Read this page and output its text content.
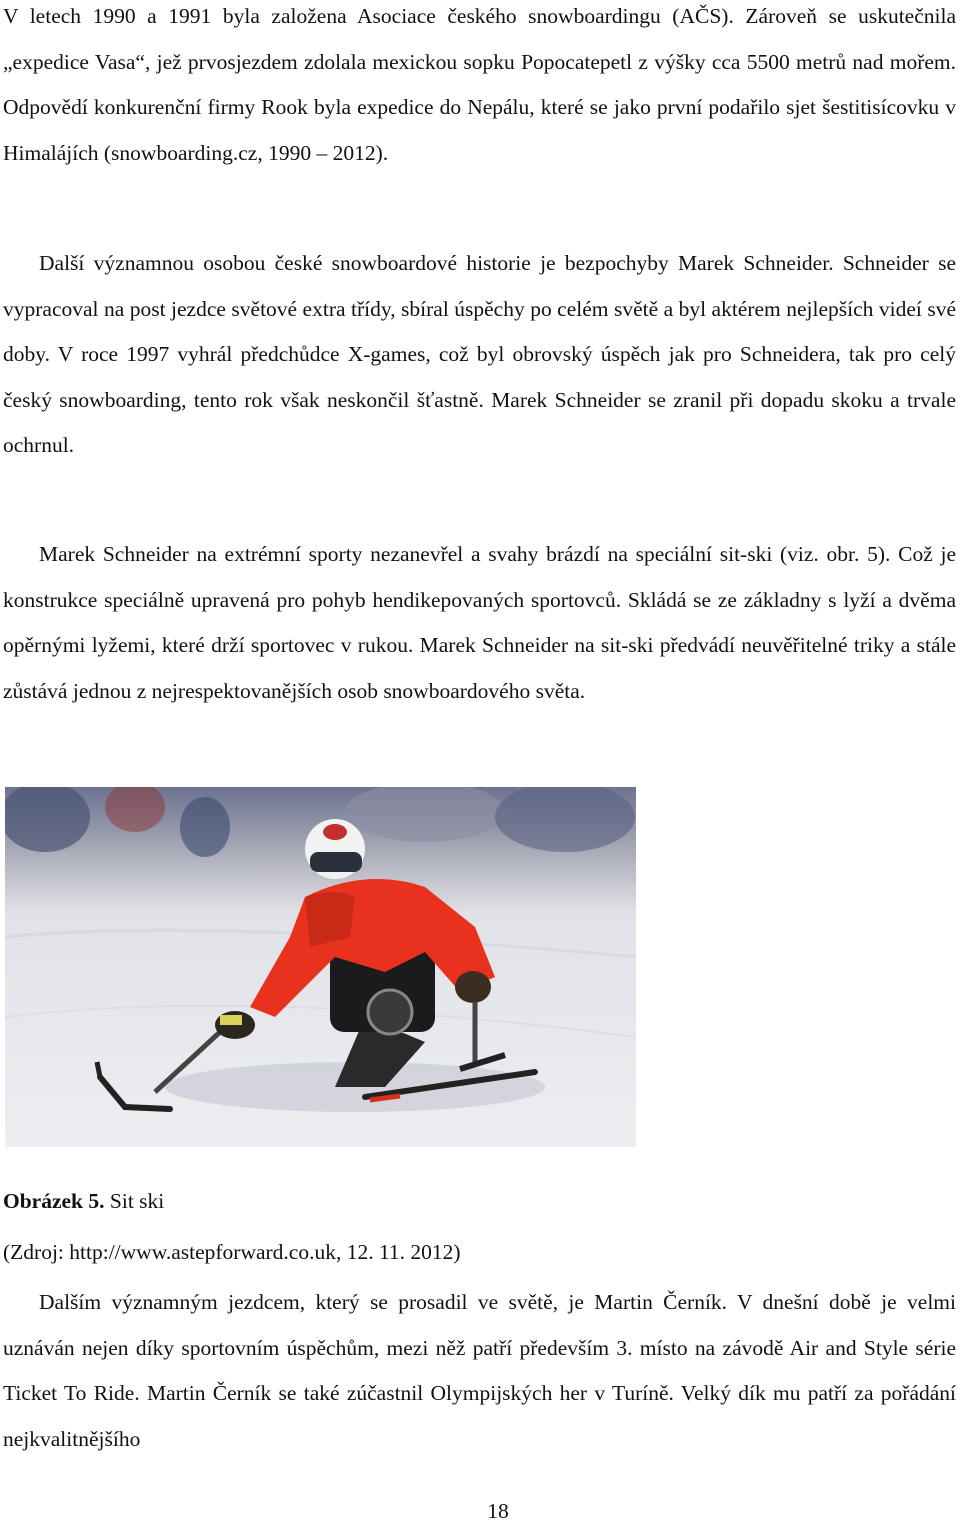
V letech 1990 a 1991 byla založena Asociace českého snowboardingu (AČS). Zároveň se uskutečnila „expedice Vasa“, jež prvosjezdem zdolala mexickou sopku Popocatepetl z výšky cca 5500 metrů nad mořem. Odpovědí konkurenční firmy Rook byla expedice do Nepálu, které se jako první podařilo sjet šestitisícovku v Himalájích (snowboarding.cz, 1990 – 2012).

Další významnou osobou české snowboardové historie je bezpochyby Marek Schneider. Schneider se vypracoval na post jezdce světové extra třídy, sbíral úspěchy po celém světě a byl aktérem nejlepších videí své doby. V roce 1997 vyhrál předchůdce X-games, což byl obrovský úspěch jak pro Schneidera, tak pro celý český snowboarding, tento rok však neskončil šťastně. Marek Schneider se zranil při dopadu skoku a trvale ochrnul.

Marek Schneider na extrémní sporty nezanevřel a svahy brázdí na speciální sit-ski (viz. obr. 5). Což je konstrukce speciálně upravená pro pohyb hendikepovaných sportovců. Skládá se ze základny s lyží a dvěma opěrnými lyžemi, které drží sportovec v rukou. Marek Schneider na sit-ski předvádí neuvěřitelné triky a stále zůstává jednou z nejrespektovanějších osob snowboardového světa.

Obrázek 5. Sit ski

(Zdroj: http://www.astepforward.co.uk, 12. 11. 2012)

Dalším významným jezdcem, který se prosadil ve světě, je Martin Černík. V dnešní době je velmi uznáván nejen díky sportovním úspěchům, mezi něž patří především 3. místo na závodě Air and Style série Ticket To Ride. Martin Černík se také zúčastnil Olympijských her v Turíně. Velký dík mu patří za pořádání nejkvalitnějšího

18
